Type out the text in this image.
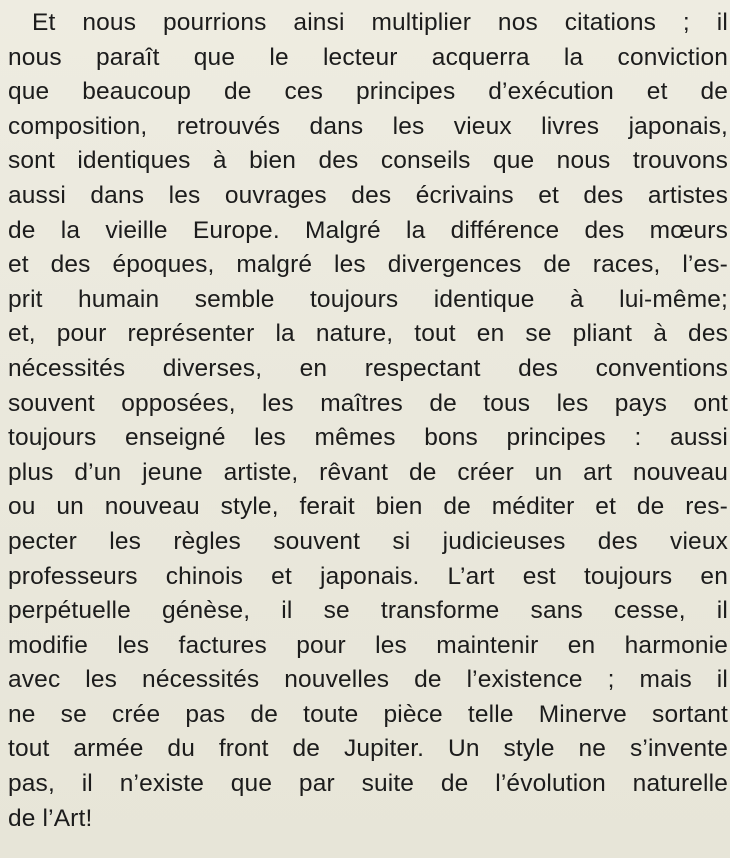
Et nous pourrions ainsi multiplier nos citations ; il
nous paraît que le lecteur acquerra la conviction
que beaucoup de ces principes d’exécution et de
composition, retrouvés dans les vieux livres japonais,
sont identiques à bien des conseils que nous trouvons
aussi dans les ouvrages des écrivains et des artistes
de la vieille Europe. Malgré la différence des mœurs
et des époques, malgré les divergences de races, l’es-
prit humain semble toujours identique à lui-même;
et, pour représenter la nature, tout en se pliant à des
nécessités diverses, en respectant des conventions
souvent opposées, les maîtres de tous les pays ont
toujours enseigné les mêmes bons principes : aussi
plus d’un jeune artiste, rêvant de créer un art nouveau
ou un nouveau style, ferait bien de méditer et de res-
pecter les règles souvent si judicieuses des vieux
professeurs chinois et japonais. L’art est toujours en
perpétuelle génèse, il se transforme sans cesse, il
modifie les factures pour les maintenir en harmonie
avec les nécessités nouvelles de l’existence ; mais il
ne se crée pas de toute pièce telle Minerve sortant
tout armée du front de Jupiter. Un style ne s’invente
pas, il n’existe que par suite de l’évolution naturelle
de l’Art!
